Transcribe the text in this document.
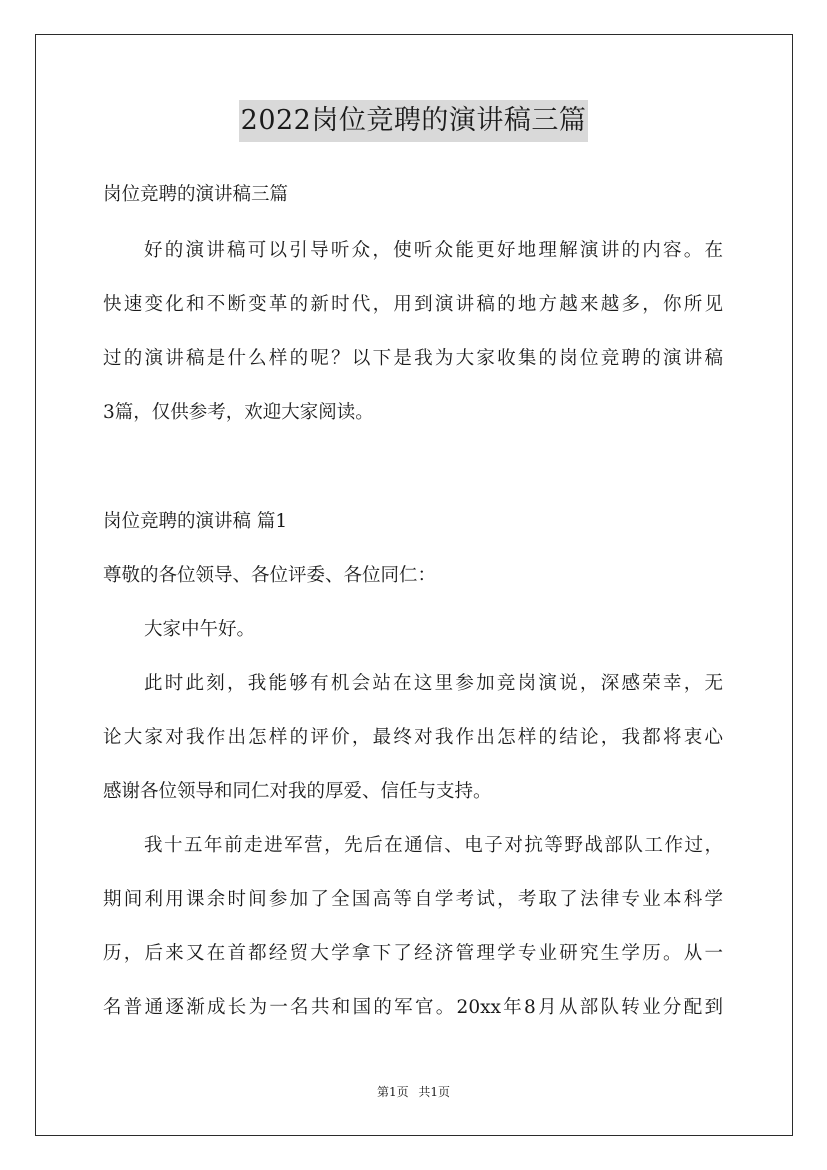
2022岗位竞聘的演讲稿三篇
岗位竞聘的演讲稿三篇
好的演讲稿可以引导听众，使听众能更好地理解演讲的内容。在
快速变化和不断变革的新时代，用到演讲稿的地方越来越多，你所见
过的演讲稿是什么样的呢？以下是我为大家收集的岗位竞聘的演讲稿
3篇，仅供参考，欢迎大家阅读。
岗位竞聘的演讲稿 篇1
尊敬的各位领导、各位评委、各位同仁：
大家中午好。
此时此刻，我能够有机会站在这里参加竞岗演说，深感荣幸，无
论大家对我作出怎样的评价，最终对我作出怎样的结论，我都将衷心
感谢各位领导和同仁对我的厚爱、信任与支持。
我十五年前走进军营，先后在通信、电子对抗等野战部队工作过，
期间利用课余时间参加了全国高等自学考试，考取了法律专业本科学
历，后来又在首都经贸大学拿下了经济管理学专业研究生学历。从一
名普通逐渐成长为一名共和国的军官。20xx年8月从部队转业分配到
第1页 共1页
